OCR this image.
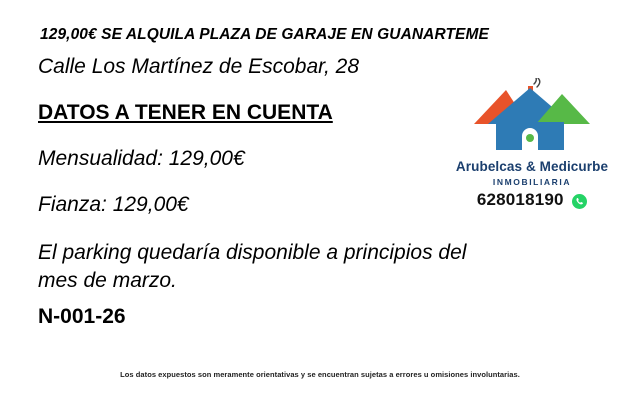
129,00€ SE ALQUILA PLAZA DE GARAJE EN GUANARTEME
Calle Los Martínez de Escobar, 28
DATOS A TENER EN CUENTA
Mensualidad: 129,00€
Fianza: 129,00€
El parking quedaría disponible a principios del mes de marzo.
N-001-26
Arubelcas & Medicurbe
INMOBILIARIA
628018190
Los datos expuestos son meramente orientativas y se encuentran sujetas a errores u omisiones involuntarias.
